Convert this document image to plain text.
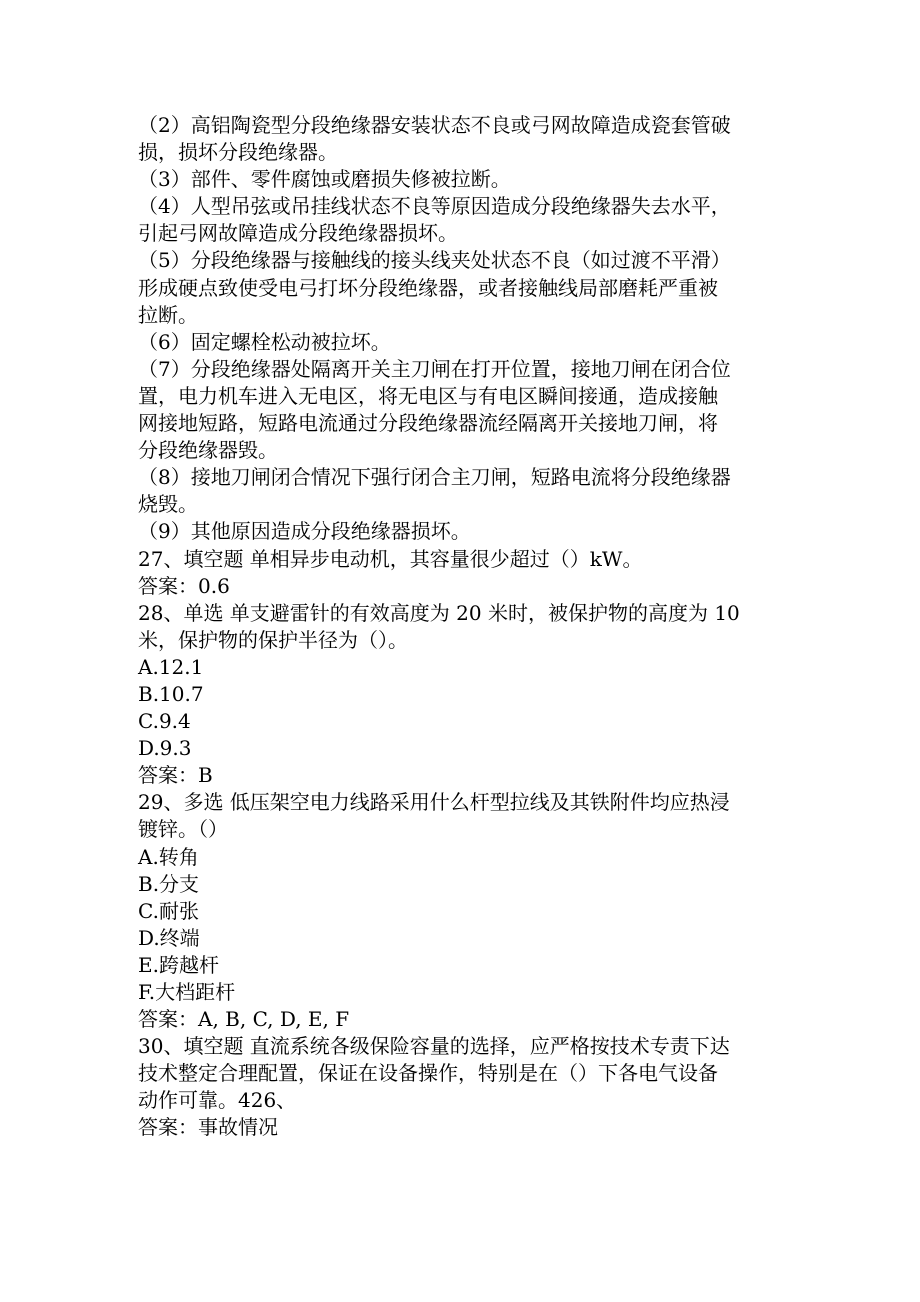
（2）高铝陶瓷型分段绝缘器安装状态不良或弓网故障造成瓷套管破
损，损坏分段绝缘器。
（3）部件、零件腐蚀或磨损失修被拉断。
（4）人型吊弦或吊挂线状态不良等原因造成分段绝缘器失去水平，
引起弓网故障造成分段绝缘器损坏。
（5）分段绝缘器与接触线的接头线夹处状态不良（如过渡不平滑）
形成硬点致使受电弓打坏分段绝缘器，或者接触线局部磨耗严重被
拉断。
（6）固定螺栓松动被拉坏。
（7）分段绝缘器处隔离开关主刀闸在打开位置，接地刀闸在闭合位
置，电力机车进入无电区，将无电区与有电区瞬间接通，造成接触
网接地短路，短路电流通过分段绝缘器流经隔离开关接地刀闸，将
分段绝缘器毁。
（8）接地刀闸闭合情况下强行闭合主刀闸，短路电流将分段绝缘器
烧毁。
（9）其他原因造成分段绝缘器损坏。
27、填空题 单相异步电动机，其容量很少超过（）kW。
答案：0.6
28、单选 单支避雷针的有效高度为 20 米时，被保护物的高度为 10
米，保护物的保护半径为（）。
A.12.1
B.10.7
C.9.4
D.9.3
答案：B
29、多选 低压架空电力线路采用什么杆型拉线及其铁附件均应热浸
镀锌。（）
A.转角
B.分支
C.耐张
D.终端
E.跨越杆
F.大档距杆
答案：A, B, C, D, E, F
30、填空题 直流系统各级保险容量的选择，应严格按技术专责下达
技术整定合理配置，保证在设备操作，特别是在（）下各电气设备
动作可靠。426、
答案：事故情况
